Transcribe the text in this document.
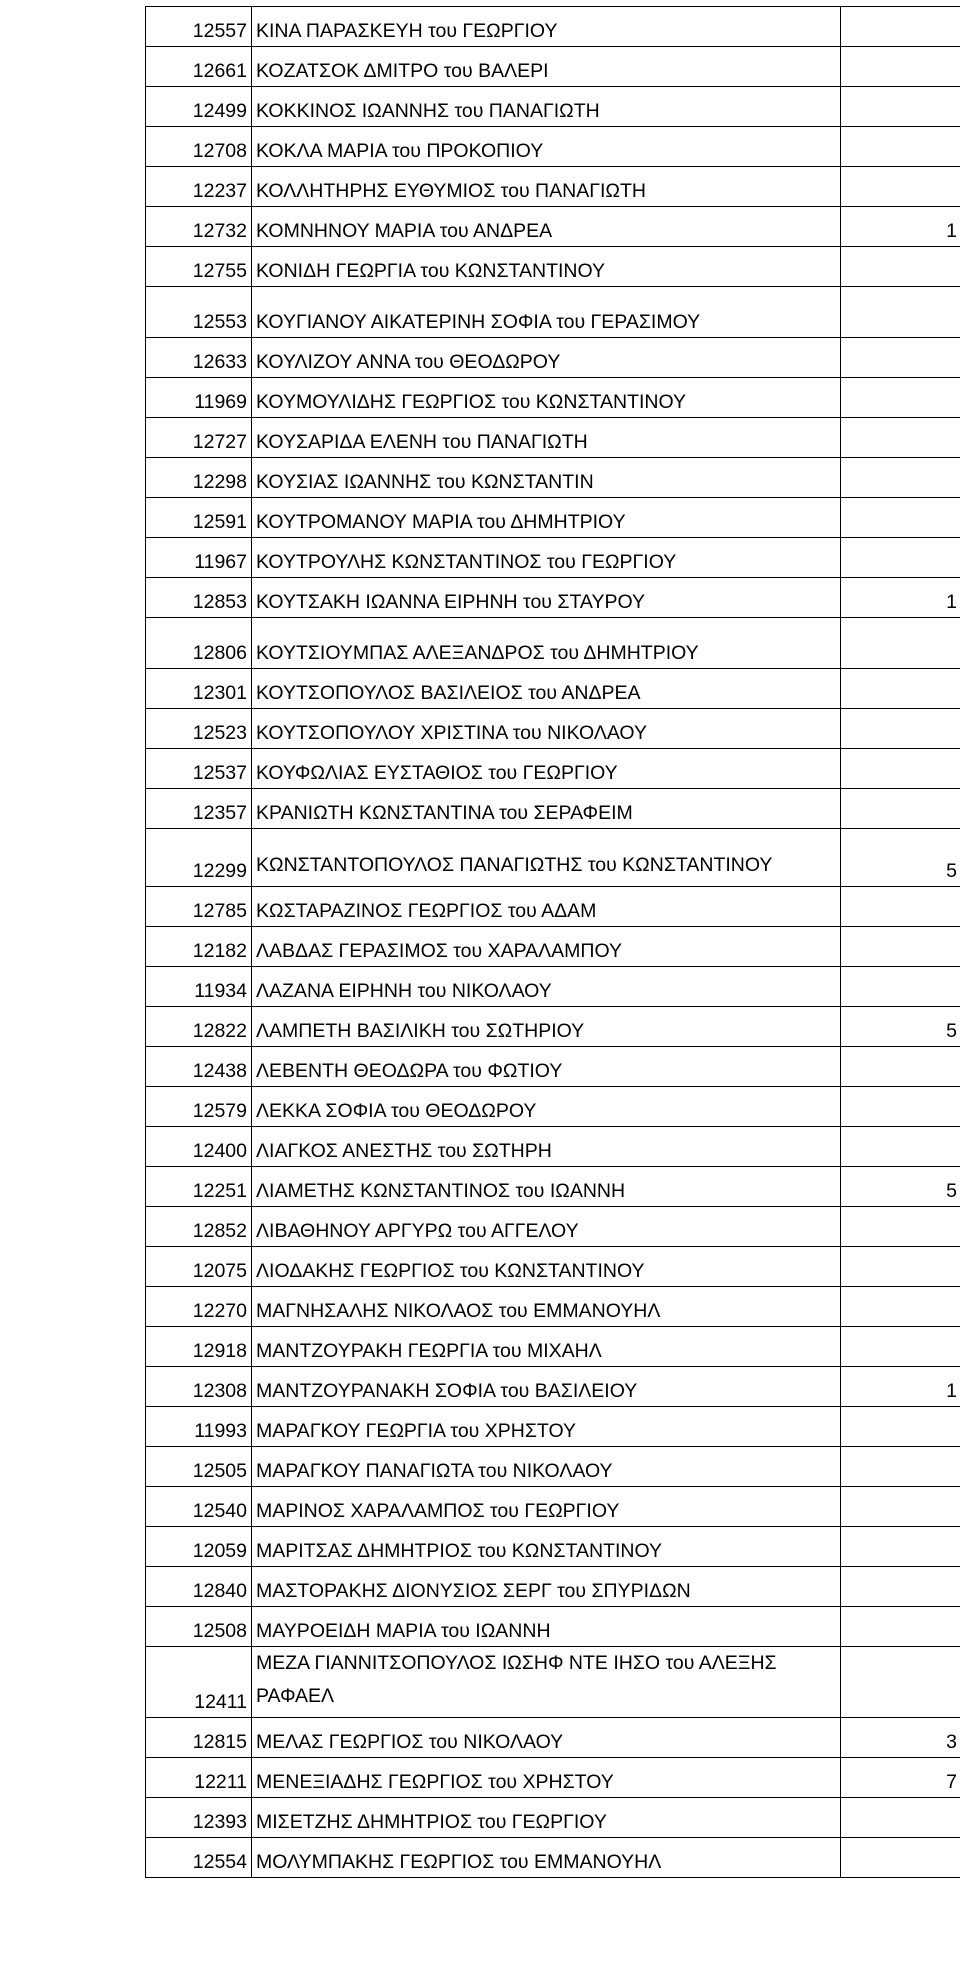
12557	ΚΙΝΑ ΠΑΡΑΣΚΕΥΗ του ΓΕΩΡΓΙΟΥ	
12661	ΚΟΖΑΤΣΟΚ ΔΜΙΤΡΟ του ΒΑΛΕΡΙ	
12499	ΚΟΚΚΙΝΟΣ ΙΩΑΝΝΗΣ του ΠΑΝΑΓΙΩΤΗ	
12708	ΚΟΚΛΑ ΜΑΡΙΑ του ΠΡΟΚΟΠΙΟΥ	
12237	ΚΟΛΛΗΤΗΡΗΣ ΕΥΘΥΜΙΟΣ του ΠΑΝΑΓΙΩΤΗ	
12732	ΚΟΜΝΗΝΟΥ ΜΑΡΙΑ του ΑΝΔΡΕΑ	1
12755	ΚΟΝΙΔΗ ΓΕΩΡΓΙΑ του ΚΩΝΣΤΑΝΤΙΝΟΥ	
12553	ΚΟΥΓΙΑΝΟΥ ΑΙΚΑΤΕΡΙΝΗ ΣΟΦΙΑ του ΓΕΡΑΣΙΜΟΥ	
12633	ΚΟΥΛΙΖΟΥ ΑΝΝΑ του ΘΕΟΔΩΡΟΥ	
11969	ΚΟΥΜΟΥΛΙΔΗΣ ΓΕΩΡΓΙΟΣ του ΚΩΝΣΤΑΝΤΙΝΟΥ	
12727	ΚΟΥΣΑΡΙΔΑ ΕΛΕΝΗ του ΠΑΝΑΓΙΩΤΗ	
12298	ΚΟΥΣΙΑΣ ΙΩΑΝΝΗΣ του ΚΩΝΣΤΑΝΤΙΝ	
12591	ΚΟΥΤΡΟΜΑΝΟΥ ΜΑΡΙΑ του ΔΗΜΗΤΡΙΟΥ	
11967	ΚΟΥΤΡΟΥΛΗΣ ΚΩΝΣΤΑΝΤΙΝΟΣ του ΓΕΩΡΓΙΟΥ	
12853	ΚΟΥΤΣΑΚΗ ΙΩΑΝΝΑ ΕΙΡΗΝΗ του ΣΤΑΥΡΟΥ	1
12806	ΚΟΥΤΣΙΟΥΜΠΑΣ ΑΛΕΞΑΝΔΡΟΣ του ΔΗΜΗΤΡΙΟΥ	
12301	ΚΟΥΤΣΟΠΟΥΛΟΣ ΒΑΣΙΛΕΙΟΣ του ΑΝΔΡΕΑ	
12523	ΚΟΥΤΣΟΠΟΥΛΟΥ ΧΡΙΣΤΙΝΑ του ΝΙΚΟΛΑΟΥ	
12537	ΚΟΥΦΩΛΙΑΣ ΕΥΣΤΑΘΙΟΣ του ΓΕΩΡΓΙΟΥ	
12357	ΚΡΑΝΙΩΤΗ ΚΩΝΣΤΑΝΤΙΝΑ του ΣΕΡΑΦΕΙΜ	
12299	ΚΩΝΣΤΑΝΤΟΠΟΥΛΟΣ ΠΑΝΑΓΙΩΤΗΣ του ΚΩΝΣΤΑΝΤΙΝΟΥ	5
12785	ΚΩΣΤΑΡΑΖΙΝΟΣ ΓΕΩΡΓΙΟΣ του ΑΔΑΜ	
12182	ΛΑΒΔΑΣ ΓΕΡΑΣΙΜΟΣ του ΧΑΡΑΛΑΜΠΟΥ	
11934	ΛΑΖΑΝΑ ΕΙΡΗΝΗ του ΝΙΚΟΛΑΟΥ	
12822	ΛΑΜΠΕΤΗ ΒΑΣΙΛΙΚΗ του ΣΩΤΗΡΙΟΥ	5
12438	ΛΕΒΕΝΤΗ ΘΕΟΔΩΡΑ του ΦΩΤΙΟΥ	
12579	ΛΕΚΚΑ ΣΟΦΙΑ του ΘΕΟΔΩΡΟΥ	
12400	ΛΙΑΓΚΟΣ ΑΝΕΣΤΗΣ του ΣΩΤΗΡΗ	
12251	ΛΙΑΜΕΤΗΣ ΚΩΝΣΤΑΝΤΙΝΟΣ του ΙΩΑΝΝΗ	5
12852	ΛΙΒΑΘΗΝΟΥ ΑΡΓΥΡΩ του ΑΓΓΕΛΟΥ	
12075	ΛΙΟΔΑΚΗΣ ΓΕΩΡΓΙΟΣ του ΚΩΝΣΤΑΝΤΙΝΟΥ	
12270	ΜΑΓΝΗΣΑΛΗΣ ΝΙΚΟΛΑΟΣ του ΕΜΜΑΝΟΥΗΛ	
12918	ΜΑΝΤΖΟΥΡΑΚΗ ΓΕΩΡΓΙΑ του ΜΙΧΑΗΛ	
12308	ΜΑΝΤΖΟΥΡΑΝΑΚΗ ΣΟΦΙΑ του ΒΑΣΙΛΕΙΟΥ	1
11993	ΜΑΡΑΓΚΟΥ ΓΕΩΡΓΙΑ του ΧΡΗΣΤΟΥ	
12505	ΜΑΡΑΓΚΟΥ ΠΑΝΑΓΙΩΤΑ του ΝΙΚΟΛΑΟΥ	
12540	ΜΑΡΙΝΟΣ ΧΑΡΑΛΑΜΠΟΣ του ΓΕΩΡΓΙΟΥ	
12059	ΜΑΡΙΤΣΑΣ ΔΗΜΗΤΡΙΟΣ του ΚΩΝΣΤΑΝΤΙΝΟΥ	
12840	ΜΑΣΤΟΡΑΚΗΣ ΔΙΟΝΥΣΙΟΣ ΣΕΡΓ του ΣΠΥΡΙΔΩΝ	
12508	ΜΑΥΡΟΕΙΔΗ ΜΑΡΙΑ του ΙΩΑΝΝΗ	
12411	ΜΕΖΑ ΓΙΑΝΝΙΤΣΟΠΟΥΛΟΣ ΙΩΣΗΦ ΝΤΕ ΙΗΣΟ του ΑΛΕΞΗΣ ΡΑΦΑΕΛ	
12815	ΜΕΛΑΣ ΓΕΩΡΓΙΟΣ του ΝΙΚΟΛΑΟΥ	3
12211	ΜΕΝΕΞΙΑΔΗΣ ΓΕΩΡΓΙΟΣ του ΧΡΗΣΤΟΥ	7
12393	ΜΙΣΕΤΖΗΣ ΔΗΜΗΤΡΙΟΣ του ΓΕΩΡΓΙΟΥ	
12554	ΜΟΛΥΜΠΑΚΗΣ ΓΕΩΡΓΙΟΣ του ΕΜΜΑΝΟΥΗΛ	
